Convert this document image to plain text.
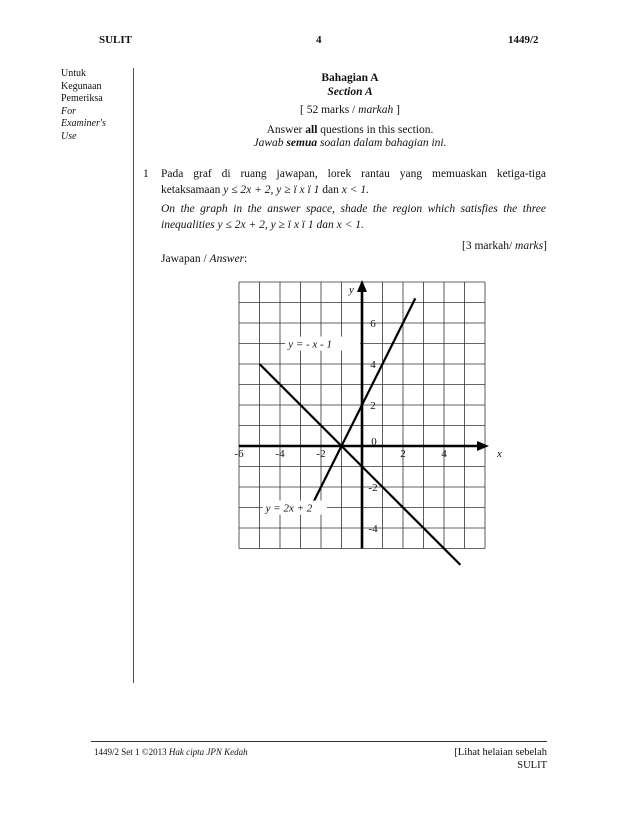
SULIT	4	1449/2
Untuk
Kegunaan
Pemeriksa
For
Examiner's
Use
Bahagian A
Section A
[ 52 marks / markah ]
Answer all questions in this section.
Jawab semua soalan dalam bahagian ini.
1 Pada graf di ruang jawapan, lorek rantau yang memuaskan ketiga-tiga
ketaksamaan y ≤ 2x + 2, y ≥ ï x ï 1 dan x < 1.
On the graph in the answer space, shade the region which satisfies the three
inequalities y ≤ 2x + 2, y ≥ ï x ï 1 dan x < 1.
[3 markah/ marks]
Jawapan / Answer:
-6	-4	-2	2	4
6
4
2
-2
-4
0
x
y
y = - x - 1
y = 2x + 2
1449/2 Set 1 ©2013 Hak cipta JPN Kedah	[Lihat helaian sebelah
SULIT
